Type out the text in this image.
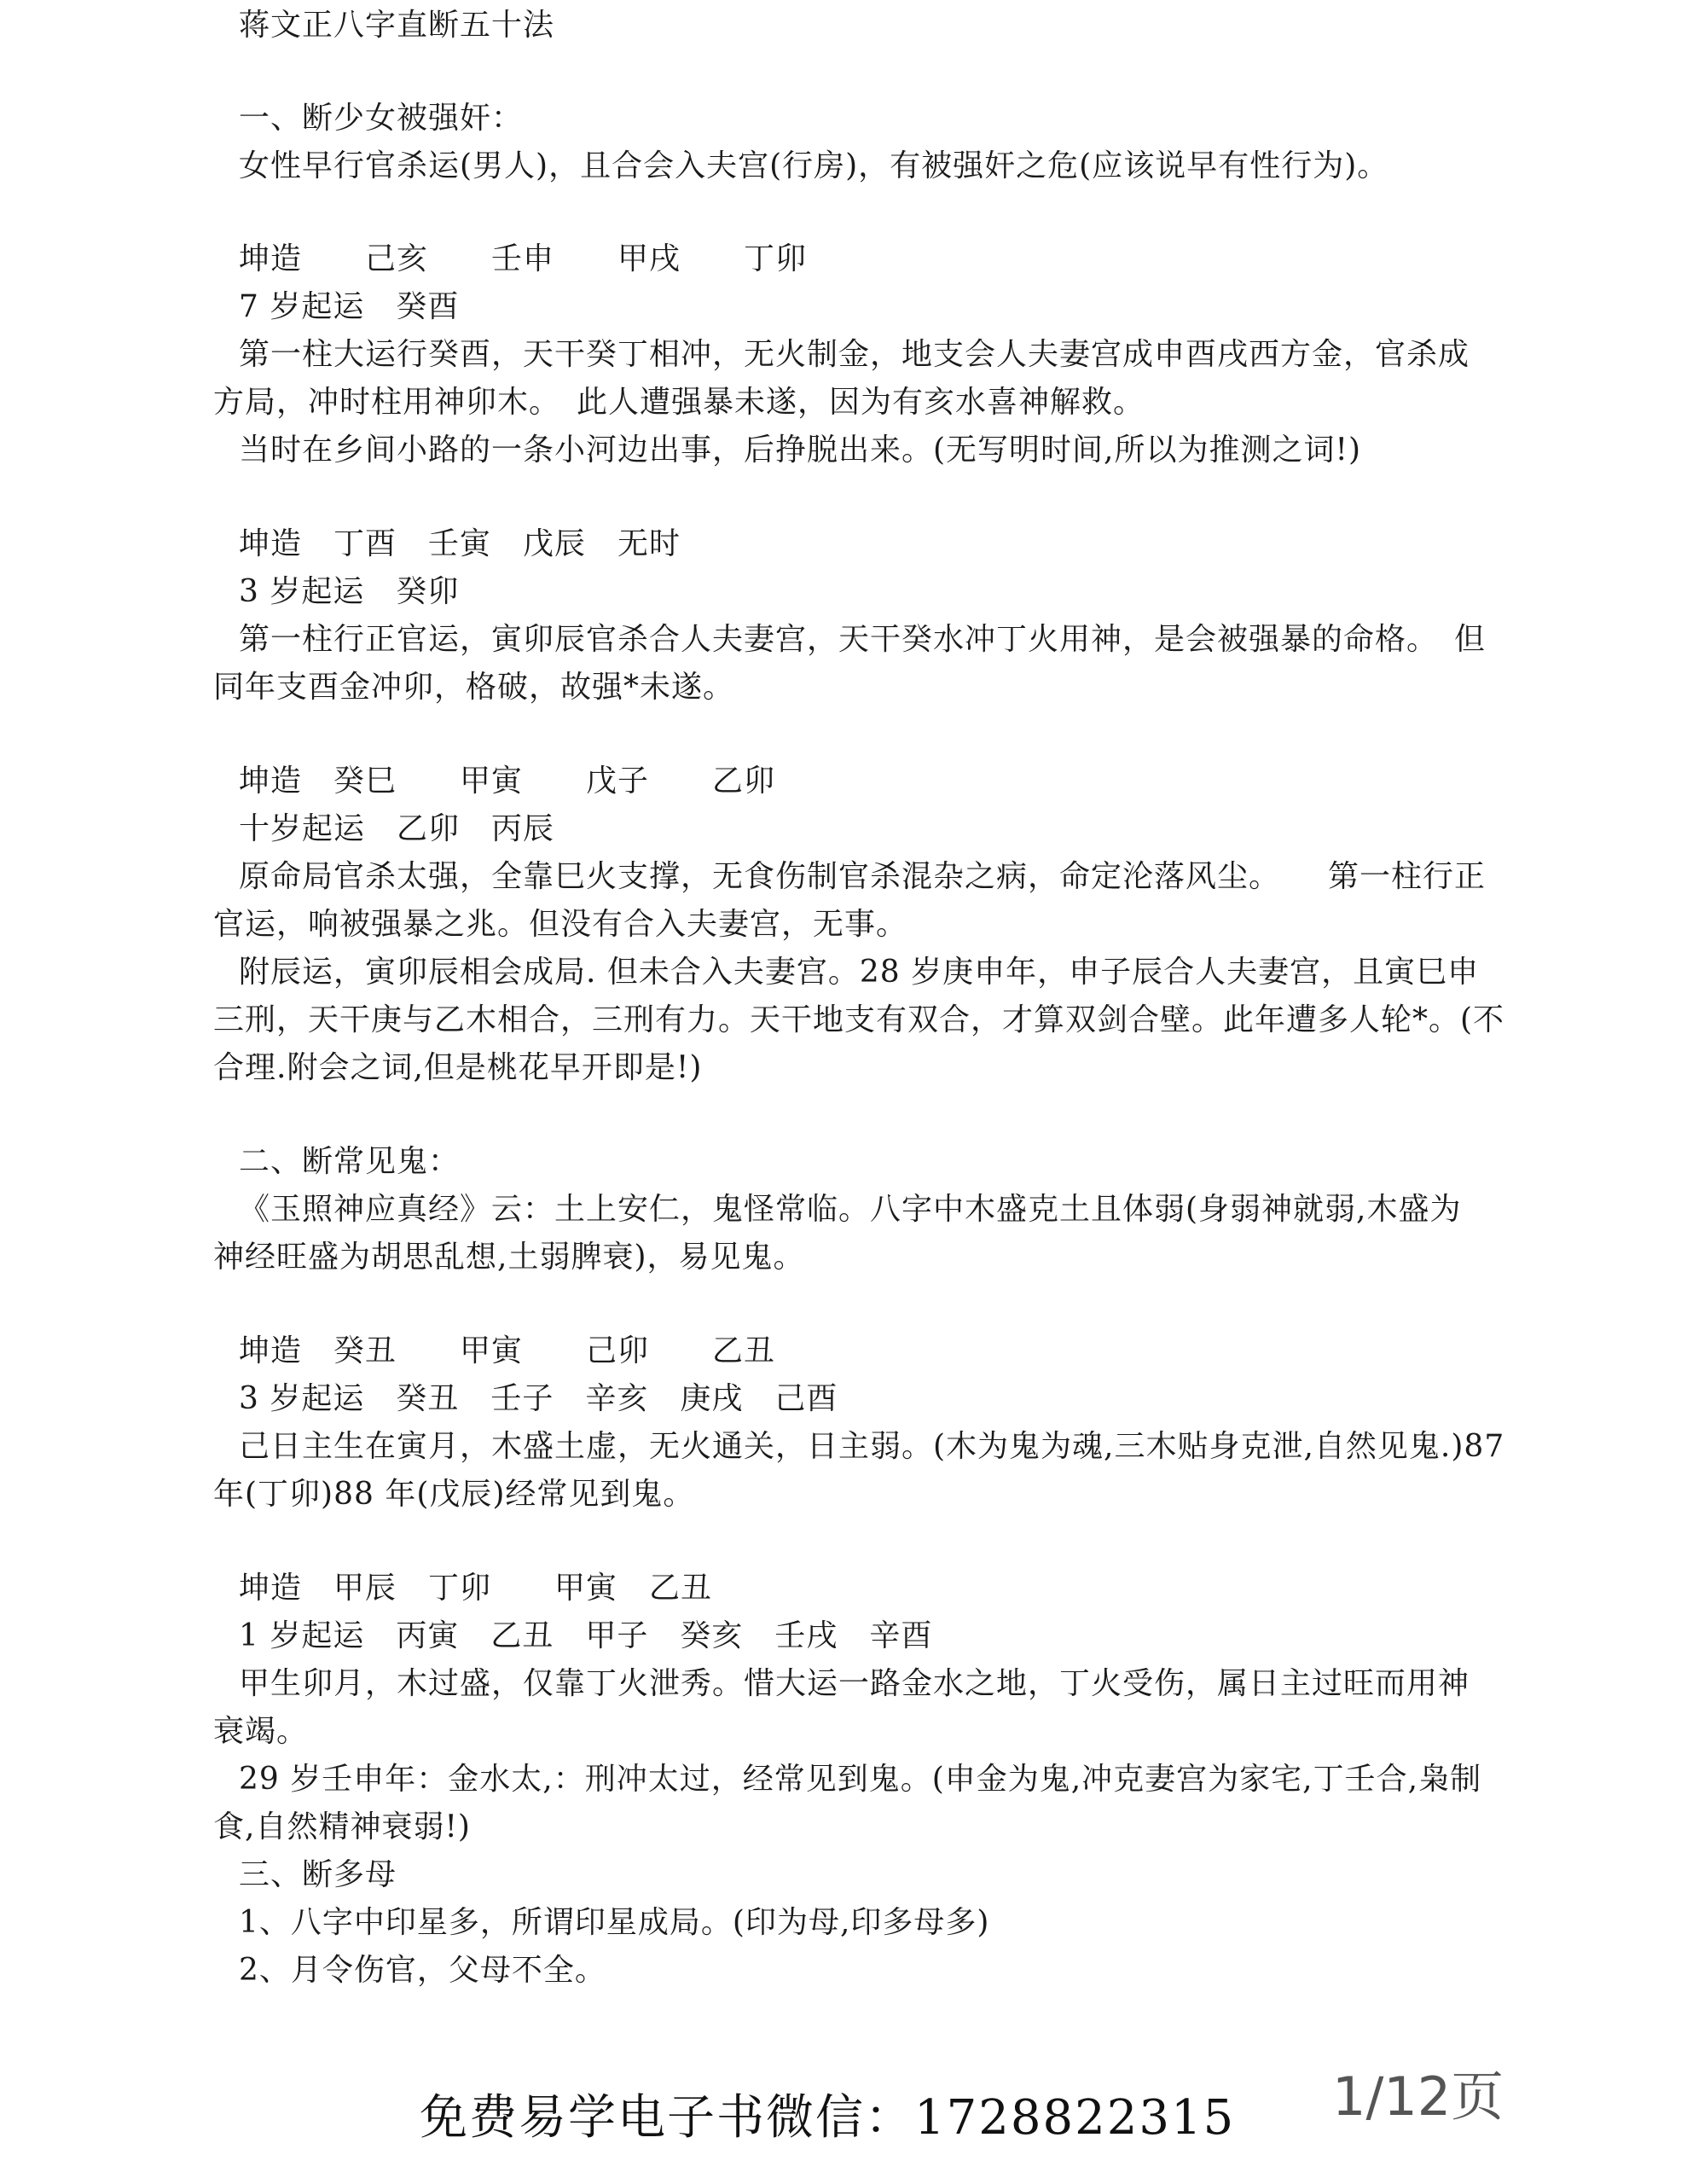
蒋文正八字直断五十法
一、断少女被强奸：
女性早行官杀运(男人)，且合会入夫宫(行房)，有被强奸之危(应该说早有性行为)。
坤造　　己亥　　壬申　　甲戌　　丁卯
7 岁起运　癸酉
第一柱大运行癸酉，天干癸丁相冲，无火制金，地支会人夫妻宫成申酉戌西方金，官杀成
方局，冲时柱用神卯木。　此人遭强暴未遂，因为有亥水喜神解救。
当时在乡间小路的一条小河边出事，后挣脱出来。(无写明时间,所以为推测之词!)
坤造　丁酉　壬寅　戊辰　无时
3 岁起运　癸卯
第一柱行正官运，寅卯辰官杀合人夫妻宫，天干癸水冲丁火用神，是会被强暴的命格。　但
同年支酉金冲卯，格破，故强*未遂。
坤造　癸巳　　甲寅　　戊子　　乙卯
十岁起运　乙卯　丙辰
原命局官杀太强，全靠巳火支撑，无食伤制官杀混杂之病，命定沦落风尘。　　第一柱行正
官运，响被强暴之兆。但没有合入夫妻宫，无事。
附辰运，寅卯辰相会成局. 但未合入夫妻宫。28 岁庚申年，申子辰合人夫妻宫，且寅巳申
三刑，天干庚与乙木相合，三刑有力。天干地支有双合，才算双剑合壁。此年遭多人轮*。(不
合理.附会之词,但是桃花早开即是!)
二、断常见鬼：
《玉照神应真经》云：土上安仁，鬼怪常临。八字中木盛克土且体弱(身弱神就弱,木盛为
神经旺盛为胡思乱想,土弱脾衰)，易见鬼。
坤造　癸丑　　甲寅　　己卯　　乙丑
3 岁起运　癸丑　壬子　辛亥　庚戌　己酉
己日主生在寅月，木盛土虚，无火通关，日主弱。(木为鬼为魂,三木贴身克泄,自然见鬼.)87
年(丁卯)88 年(戊辰)经常见到鬼。
坤造　甲辰　丁卯　　甲寅　乙丑
1 岁起运　丙寅　乙丑　甲子　癸亥　壬戌　辛酉
甲生卯月，木过盛，仅靠丁火泄秀。惜大运一路金水之地，丁火受伤，属日主过旺而用神
衰竭。
29 岁壬申年：金水太,：刑冲太过，经常见到鬼。(申金为鬼,冲克妻宫为家宅,丁壬合,枭制
食,自然精神衰弱!)
三、断多母
1、八字中印星多，所谓印星成局。(印为母,印多母多)
2、月令伤官，父母不全。
免费易学电子书微信：1728822315 1/12页
